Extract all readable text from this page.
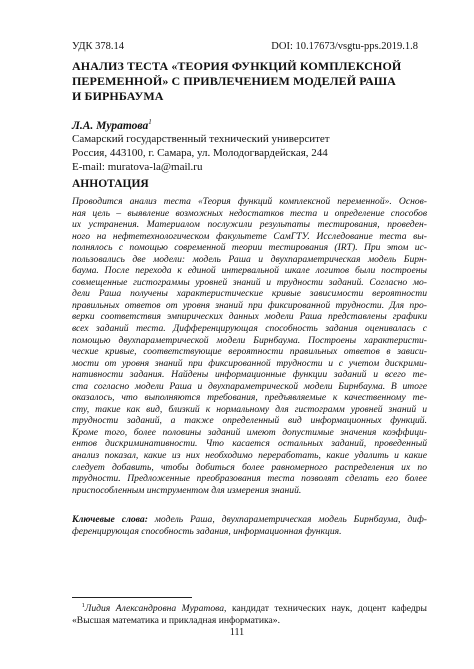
УДК 378.14	DOI: 10.17673/vsgtu-pps.2019.1.8
АНАЛИЗ ТЕСТА «ТЕОРИЯ ФУНКЦИЙ КОМПЛЕКСНОЙ
ПЕРЕМЕННОЙ» С ПРИВЛЕЧЕНИЕМ МОДЕЛЕЙ РАША
И БИРНБАУМА
Л.А. Муратова$^1$
Самарский государственный технический университет
Россия, 443100, г. Самара, ул. Молодогвардейская, 244
E-mail: muratova-la@mail.ru
АННОТАЦИЯ
Проводится анализ теста «Теория функций комплексной переменной». Основ-
ная цель – выявление возможных недостатков теста и определение способов
их устранения. Материалом послужили результаты тестирования, проведен-
ного на нефтетехнологическом факультете СамГТУ. Исследование теста вы-
полнялось с помощью современной теории тестирования (IRT). При этом ис-
пользовались две модели: модель Раша и двухпараметрическая модель Бирн-
баума. После перехода к единой интервальной шкале логитов были построены
совмещенные гистограммы уровней знаний и трудности заданий. Согласно мо-
дели Раша получены характеристические кривые зависимости вероятности
правильных ответов от уровня знаний при фиксированной трудности. Для про-
верки соответствия эмпирических данных модели Раша представлены графики
всех заданий теста. Дифференцирующая способность задания оценивалась с
помощью двухпараметрической модели Бирнбаума. Построены характеристи-
ческие кривые, соответствующие вероятности правильных ответов в зависи-
мости от уровня знаний при фиксированной трудности и с учетом дискрими-
нативности задания. Найдены информационные функции заданий и всего те-
ста согласно модели Раша и двухпараметрической модели Бирнбаума. В итоге
оказалось, что выполняются требования, предъявляемые к качественному те-
сту, такие как вид, близкий к нормальному для гистограмм уровней знаний и
трудности заданий, а также определенный вид информационных функций.
Кроме того, более половины заданий имеют допустимые значения коэффици-
ентов дискриминативности. Что касается остальных заданий, проведенный
анализ показал, какие из них необходимо переработать, какие удалить и какие
следует добавить, чтобы добиться более равномерного распределения их по
трудности. Предложенные преобразования теста позволят сделать его более
приспособленным инструментом для измерения знаний.
Ключевые слова: модель Раша, двухпараметрическая модель Бирнбаума, диф-
ференцирующая способность задания, информационная функция.
 $^1$Лидия Александровна Муратова, кандидат технических наук, доцент кафедры
«Высшая математика и прикладная информатика».
111
